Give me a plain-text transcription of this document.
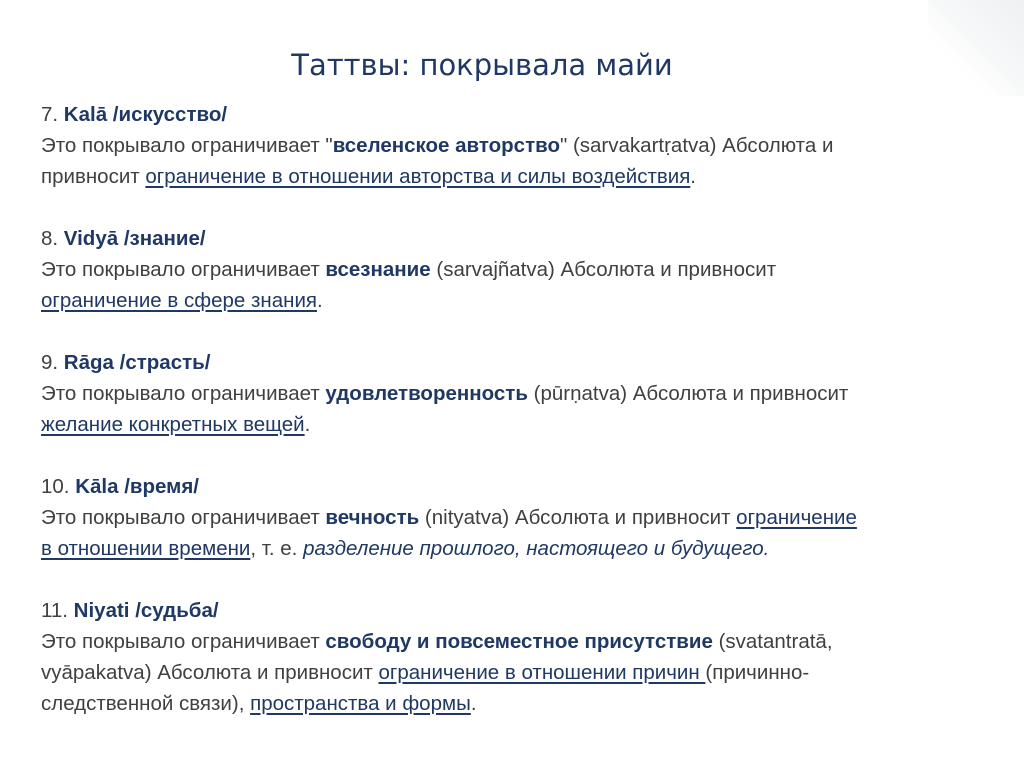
Таттвы: покрывала майи
7. Kalā /искусство/
Это покрывало ограничивает "вселенское авторство" (sarvakartṛatva) Абсолюта и
привносит ограничение в отношении авторства и силы воздействия.
8. Vidyā /знание/
Это покрывало ограничивает всезнание (sarvajñatva) Абсолюта и привносит
ограничение в сфере знания.
9. Rāga /страсть/
Это покрывало ограничивает удовлетворенность (pūrṇatva) Абсолюта и привносит
желание конкретных вещей.
10. Kāla /время/
Это покрывало ограничивает вечность (nityatva) Абсолюта и привносит ограничение
в отношении времени, т. е. разделение прошлого, настоящего и будущего.
11. Niyati /судьба/
Это покрывало ограничивает свободу и повсеместное присутствие (svatantratā,
vyāpakatva) Абсолюта и привносит ограничение в отношении причин (причинно-
следственной связи), пространства и формы.
